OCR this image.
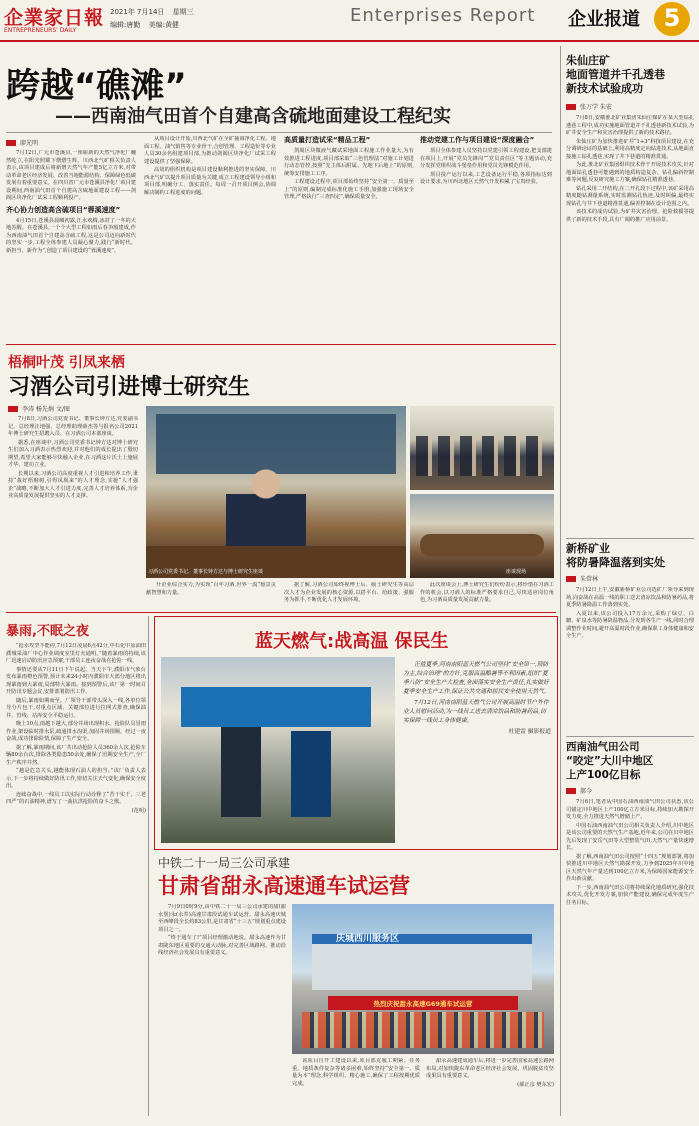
企業家日報
ENTREPRENEURS' DAILY
2021年 7月14日 星期三
编辑:唐勤 美编:黄健	Enterprises Report 企业报道 5
跨越“礁滩”
——西南油气田首个自建高含硫地面建设工程纪实
廖光明

7月12日,广元市苍溪县,一座崭新的天然气净化厂巍然屹立,在阳光照耀下熠熠生辉。川西北气矿相关负责人表示,该项目建成后将新增天然气年产能5亿立方米,对带动革命老区经济发展、改善当地能源结构、保障绿色低碳发展有着重要意义。在四川省广元市苍溪县净化厂项目建设期间,西南油气田首个自建高含硫地面建设工程——剑阁区块净化厂试采工程顺利投产。

齐心协力创造高含硫项目“蓉溪速度”

4月15日,苍溪县晨曦初露,江水欢腾,冰封了一冬的大地苏醒。在苍溪县,一个个大型工程如雨后春笋般建成,作为西南油气田首个自建高含硫工程,这是公司迈向新时代的坚实一步,工程全体参建人员凝心聚力,践行“新时代、新担当、新作为”,创造了项目建设的“蓉溪速度”。

从项目设计开始,川西北气矿在全矿抽调净化工程、地面工程、油气销售等专业骨干,合创管理、工程造价等专业人员30余名组建项目部,为推动剑阁区块净化厂试采工程建设提供了坚强保障。

高效的组织机构是项目建设顺利推进的坚实保障。川西北气矿以提升项目质量为关键,成立工程建设领导小组和项目部,明确分工、落实责任。每周一召开项目例会,协调解决制约工程进度的问题。

高质量打造试采“精品工程”

剑阁区块微液气藏试采地面工程施工作业量大,为有效推进工程进度,项目部采取“三色管理法”对施工计划进行动态管控,按照“先主体后附属、先地下后地上”的原则,统筹安排施工工序。

工程建设过程中,项目部始终坚持“安全第一、质量至上”的原则,编制完成标准化施工手册,加强施工现场安全管理,严格执行“三查四定”,确保质量安全。

推动党建工作与项目建设“深度融合”

项目全体参建人员坚持以党建引领工程建设,把支部建在项目上,开展“党员先锋岗”“党员责任区”等主题活动,充分发挥党组织战斗堡垒作用和党员先锋模范作用。

项目投产运行以来,工艺设备运行平稳,各项指标达到设计要求,为川西北地区天然气开发积累了宝贵经验。

朱仙庄矿
地面管道并千孔透巷
新技术试验成功
张万学 朱宏

7月8日,安徽淮北矿业集团朱仙庄煤矿在某大型钻孔透巷工程中,成功实施地面管道并千孔透巷新技术试验,为矿井安全生产和灾害治理提供了新的技术路径。

朱仙庄矿为加快推进矿井“1+3”科技项目建设,在充分调研论证的基础上,利用高精度定向钻进技术,从地面直接施工钻孔透巷,实现了井下巷道的精准贯通。

为此,淮北矿业集团组织技术骨干开展技术攻关,针对地面钻孔透巷可能遇到的地质构造复杂、钻孔偏斜控制难等问题,反复研究施工方案,确保钻孔精准透巷。

钻孔采用二开结构,在二开孔段下过程中,该矿采用高精度随钻测量系统,实时监测钻孔轨迹,及时纠偏,最终实现钻孔与井下巷道精准贯通,偏差控制在设计范围之内。

该技术的成功试验,为矿井灾害治理、抢险救援等提供了新的技术手段,具有广阔的推广应用前景。

新桥矿业
将防暑降温落到实处
朱常林

7月12日上午,安徽新桥矿业公司选矿厂领导来到现场,向奋战在高温一线的职工送去清凉饮品和防暑药品,将夏季防暑降温工作落到实处。

入夏以来,该公司投入17万余元,采购了绿豆、白糖、矿泉水等防暑降温物品,分发到各生产一线,同时合理调整作业时间,避开高温时段作业,确保职工身体健康和安全生产。

西南油气田公司
“咬定”大川中地区
上产100亿目标
郝今

7月6日,笔者从中国石油西南油气田公司获悉,该公司锚定川中地区上产100亿立方米目标,持续加大勘探开发力度,全力推进天然气增储上产。

中国石油西南油气田公司相关负责人介绍,川中地区是该公司重要的天然气生产基地,近年来,公司在川中地区先后发现了安岳气田等大型整装气田,天然气产量快速增长。

据了解,西南油气田公司按照“十四五”规划部署,将加快推进川中地区天然气勘探开发,力争到2025年川中地区天然气年产量达到100亿立方米,为保障国家能源安全作出新贡献。

下一步,西南油气田公司将持续深化地质研究,强化技术攻关,优化开发方案,加快产能建设,确保完成年度生产任务目标。

梧桐叶茂 引凤来栖
习酒公司引进博士研究生
李涛 杨先炯 文/图

7月8日,习酒公司党委书记、董事长钟方达,党委副书记、总经理汪地强、总经理助理薛杰等与报名公司2021年博士研究生招聘入员、在习酒公司本部座谈。

据悉,在座谈中,习酒公司党委书记钟方达对博士研究生们加入习酒表示热烈欢迎,并对他们的成长提出了殷切期望,希望大家能够尽快融入企业,在习酒这片沃土上施展才华、建功立业。

长期以来,习酒公司高度重视人才引进和培养工作,秉持“栽好梧桐树,引得凤凰来”的人才理念,实施“人才强企”战略,不断加大人才引进力度,完善人才培养体系,为企业高质量发展提供坚实的人才支撑。

习酒公司党委书记、董事长钟方达与博士研究生座谈	座谈现场

升企业综合实力,为实现“百年习酒,世界一流”愿景贡献智慧和力量。

据了解,习酒公司始终视博士后、硕士研究生等高层次人才为企业发展的核心资源,以搭平台、给政策、强服务为抓手,不断优化人才发展环境。

此次座谈会上,博士研究生们纷纷表示,将珍惜在习酒工作的机会,以习酒人的标准严格要求自己,尽快适应岗位角色,为习酒高质量发展贡献力量。

暴雨,不眠之夜

“抢水攻坚不能停,7月12日凌晨6点42分,中石化中原油田濮城采油厂中心作业调度室里灯火通明。”随着暴雨的持续,该厂迅速启动防汛应急预案,干部员工连夜奋战在抢险一线。

事情还要从7月11日下午说起。当天下午,濮阳市气象台发布暴雨橙色预警,预计未来24小时内濮阳市大部分地区将出现暴雨到大暴雨,局部特大暴雨。接到预警后,该厂第一时间召开防汛专题会议,安排部署防汛工作。

随后,暴雨如期而至。厂领导干部带头深入一线,各单位领导分片包干,对重点区域、关键部位进行拉网式排查,确保油井、管线、站库安全平稳运行。

晚上10点,雨越下越大,部分井场出现积水。抢险队员冒雨作业,架设临时排水泵,疏通排水沟渠,加固井场围堰。经过一夜奋战,成功排除险情,保障了生产安全。

据了解,暴雨期间,该厂共出动抢险人员360余人次,抢险车辆80余台次,排除各类隐患50余处,确保了汛期安全生产,全厂生产秩序井然。

“越是危急关头,越能体现石油人的担当。”该厂负责人表示,下一步将持续做好防汛工作,密切关注天气变化,确保安全度汛。

连续奋战中,一线员工以实际行动诠释了“苦干实干、三老四严”的石油精神,谱写了一曲抗洪抢险的奋斗之歌。

(范明)
蓝天燃气:战高温 保民生

正值夏季,河南南阳蓝天燃气公司坚持“安全第一,预防为主,综合治理”的方针,克服高温酷暑等不利因素,组织“夏季八防”安全生产大检查,全面落实安全生产责任,扎实做好夏季安全生产工作,保证公共交通和居民安全使用天然气。

7月12日,河南南阳蓝天燃气公司开展高温时节户外作业人员慰问活动,为一线员工送去清凉饮品和防暑药品,切实保障一线员工身体健康。

杜建雷 摄影报道
中铁二十一局三公司承建
甘肃省甜永高速通车试运营

7月9日0时9分,由中铁二十一局三公司承建的甜(甜水堡)永(永寿)高速甘肃段试通车试运营。甜永高速庆城至西峰段全长约83公里,是甘肃省“十三五”规划重点建设项目之一。

“终于通车了!”项目经理激动地说。甜永高速作为甘肃陇东地区重要的交通大动脉,对完善区域路网、推动沿线经济社会发展具有重要意义。

庆城西川服务区
热烈庆祝甜永高速G69通车试运营

该项目自开工建设以来,项目部克服工期紧、任务重、地质条件复杂等诸多困难,始终坚持“安全第一、质量为本”理念,科学组织、精心施工,确保了工程按期优质完成。

甜永高速建成通车后,将进一步完善国家高速公路网布局,对加快陇东革命老区经济社会发展、巩固脱贫攻坚成果具有重要意义。

(郝正彦 樊东宏)
